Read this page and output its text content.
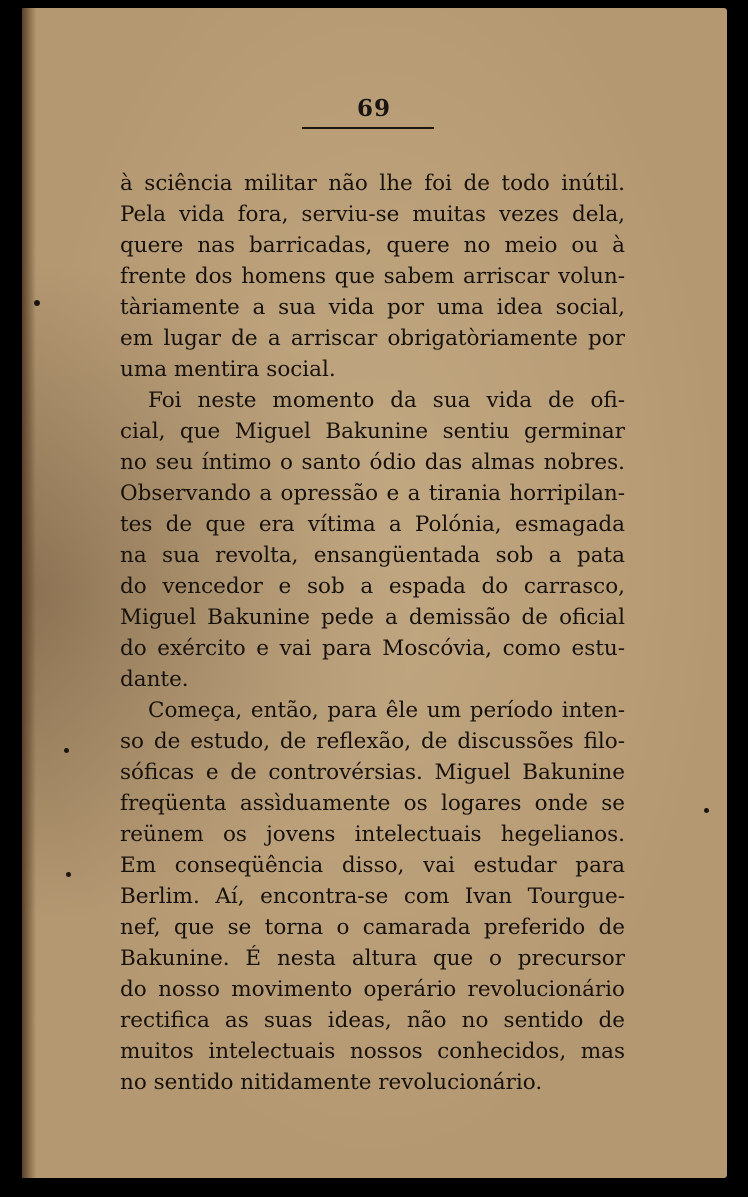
69
à sciência militar não lhe foi de todo inútil.
Pela vida fora, serviu-se muitas vezes dela,
quere nas barricadas, quere no meio ou à
frente dos homens que sabem arriscar volun-
tàriamente a sua vida por uma idea social,
em lugar de a arriscar obrigatòriamente por
uma mentira social.
Foi neste momento da sua vida de ofi-
cial, que Miguel Bakunine sentiu germinar
no seu íntimo o santo ódio das almas nobres.
Observando a opressão e a tirania horripilan-
tes de que era vítima a Polónia, esmagada
na sua revolta, ensangüentada sob a pata
do vencedor e sob a espada do carrasco,
Miguel Bakunine pede a demissão de oficial
do exército e vai para Moscóvia, como estu-
dante.
Começa, então, para êle um período inten-
so de estudo, de reflexão, de discussões filo-
sóficas e de controvérsias. Miguel Bakunine
freqüenta assìduamente os logares onde se
reünem os jovens intelectuais hegelianos.
Em conseqüência disso, vai estudar para
Berlim. Aí, encontra-se com Ivan Tourgue-
nef, que se torna o camarada preferido de
Bakunine. É nesta altura que o precursor
do nosso movimento operário revolucionário
rectifica as suas ideas, não no sentido de
muitos intelectuais nossos conhecidos, mas
no sentido nitidamente revolucionário.
